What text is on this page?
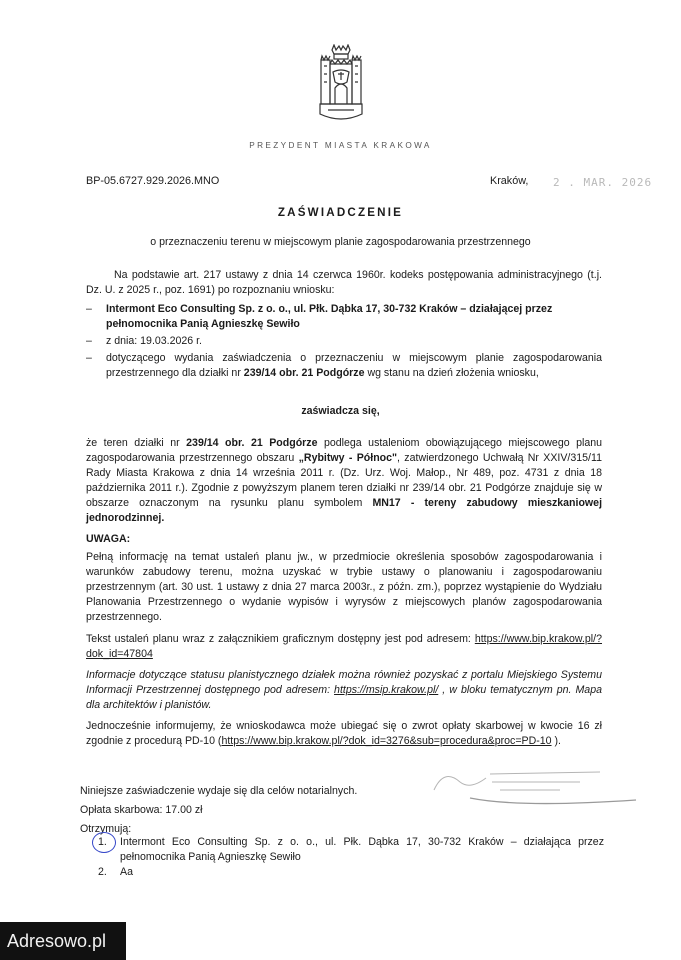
PREZYDENT MIASTA KRAKOWA
BP-05.6727.929.2026.MNO	Kraków, 2 . MAR. 2026
ZAŚWIADCZENIE
o przeznaczeniu terenu w miejscowym planie zagospodarowania przestrzennego
Na podstawie art. 217 ustawy z dnia 14 czerwca 1960r. kodeks postępowania administracyjnego (t.j. Dz. U. z 2025 r., poz. 1691) po rozpoznaniu wniosku:
– Intermont Eco Consulting Sp. z o. o., ul. Płk. Dąbka 17, 30-732 Kraków – działającej przez pełnomocnika Panią Agnieszkę Sewiło
– z dnia: 19.03.2026 r.
– dotyczącego wydania zaświadczenia o przeznaczeniu w miejscowym planie zagospodarowania przestrzennego dla działki nr 239/14 obr. 21 Podgórze wg stanu na dzień złożenia wniosku,
zaświadcza się,
że teren działki nr 239/14 obr. 21 Podgórze podlega ustaleniom obowiązującego miejscowego planu zagospodarowania przestrzennego obszaru „Rybitwy - Północ", zatwierdzonego Uchwałą Nr XXIV/315/11 Rady Miasta Krakowa z dnia 14 września 2011 r. (Dz. Urz. Woj. Małop., Nr 489, poz. 4731 z dnia 18 października 2011 r.). Zgodnie z powyższym planem teren działki nr 239/14 obr. 21 Podgórze znajduje się w obszarze oznaczonym na rysunku planu symbolem MN17 - tereny zabudowy mieszkaniowej jednorodzinnej.
UWAGA:
Pełną informację na temat ustaleń planu jw., w przedmiocie określenia sposobów zagospodarowania i warunków zabudowy terenu, można uzyskać w trybie ustawy o planowaniu i zagospodarowaniu przestrzennym (art. 30 ust. 1 ustawy z dnia 27 marca 2003r., z późn. zm.), poprzez wystąpienie do Wydziału Planowania Przestrzennego o wydanie wypisów i wyrysów z miejscowych planów zagospodarowania przestrzennego.
Tekst ustaleń planu wraz z załącznikiem graficznym dostępny jest pod adresem: https://www.bip.krakow.pl/?dok_id=47804
Informacje dotyczące statusu planistycznego działek można również pozyskać z portalu Miejskiego Systemu Informacji Przestrzennej dostępnego pod adresem: https://msip.krakow.pl/ , w bloku tematycznym pn. Mapa dla architektów i planistów.
Jednocześnie informujemy, że wnioskodawca może ubiegać się o zwrot opłaty skarbowej w kwocie 16 zł zgodnie z procedurą PD-10 (https://www.bip.krakow.pl/?dok_id=3276&sub=procedura&proc=PD-10 ).
Niniejsze zaświadczenie wydaje się dla celów notarialnych.
Opłata skarbowa: 17.00 zł
Otrzymują:
1. Intermont Eco Consulting Sp. z o. o., ul. Płk. Dąbka 17, 30-732 Kraków – działająca przez pełnomocnika Panią Agnieszkę Sewiło
2. Aa
Adresowo.pl
